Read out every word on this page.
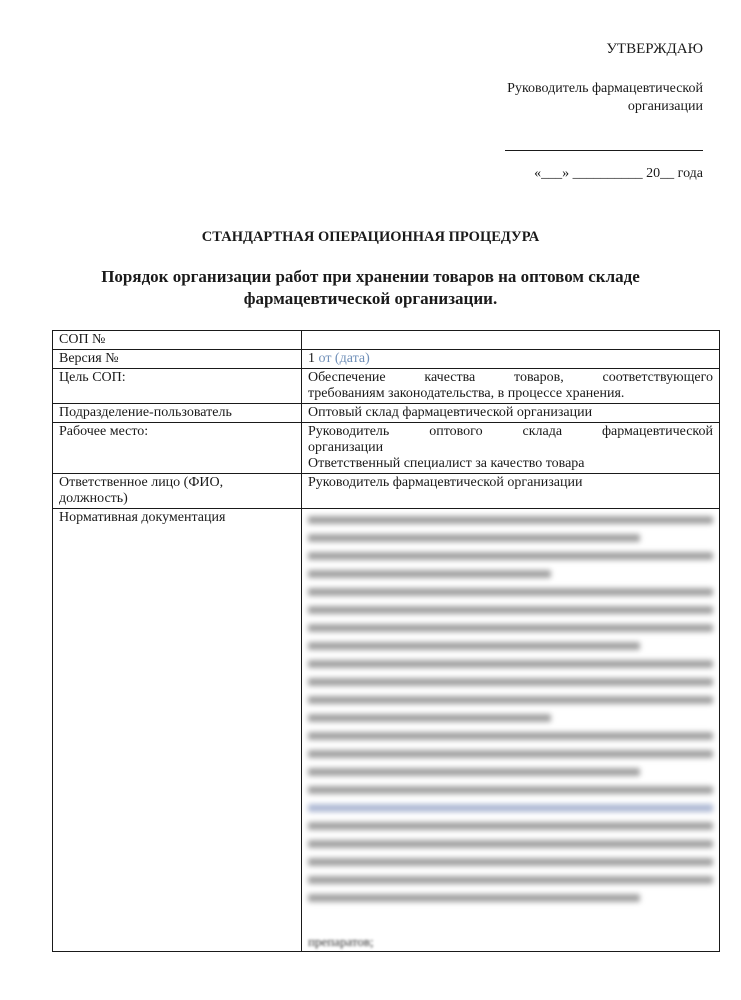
УТВЕРЖДАЮ
Руководитель фармацевтической
организации
«___» __________ 20__ года
СТАНДАРТНАЯ ОПЕРАЦИОННАЯ ПРОЦЕДУРА
Порядок организации работ при хранении товаров на оптовом складе фармацевтической организации.
СОП №	
Версия №	1 от (дата)
Цель СОП:	Обеспечение качества товаров, соответствующего
требованиям законодательства, в процессе хранения.

Подразделение-пользователь	Оптовый склад фармацевтической организации
Рабочее место:	Руководитель оптового склада фармацевтической
организации
Ответственный специалист за качество товара

Ответственное лицо (ФИО, должность)	Руководитель фармацевтической организации
Нормативная документация	препаратов;
